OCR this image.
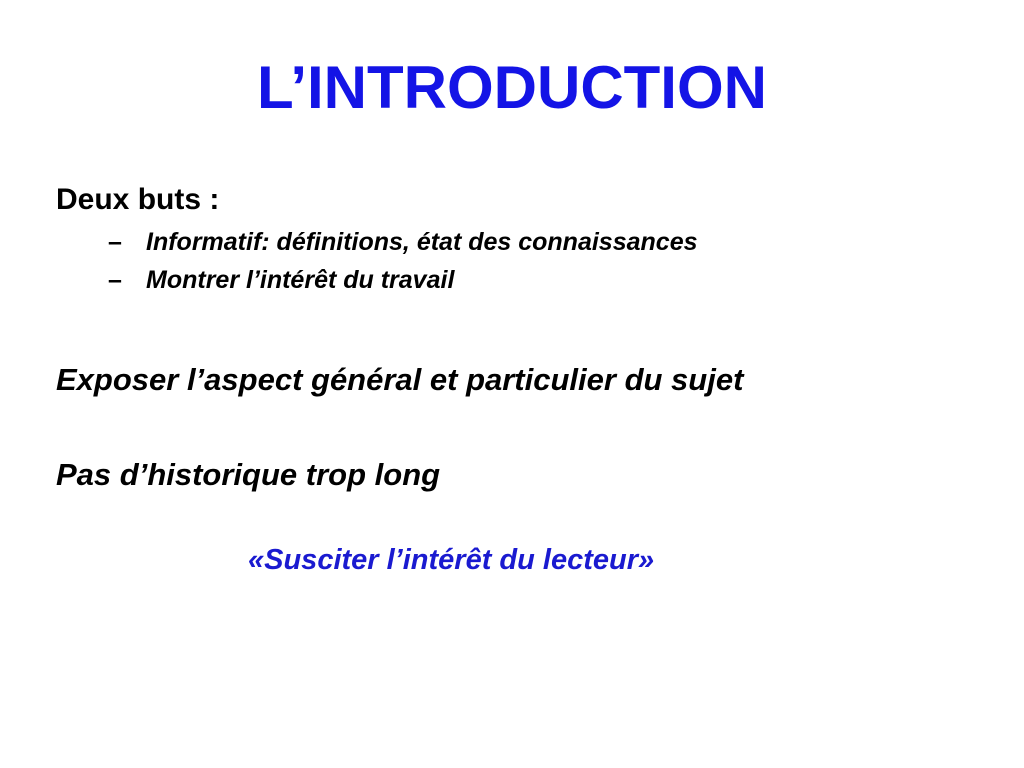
L’INTRODUCTION

Deux buts :

– Informatif: définitions, état des connaissances
– Montrer l’intérêt du travail

Exposer l’aspect général et particulier du sujet

Pas d’historique trop long

«Susciter l’intérêt du lecteur»
